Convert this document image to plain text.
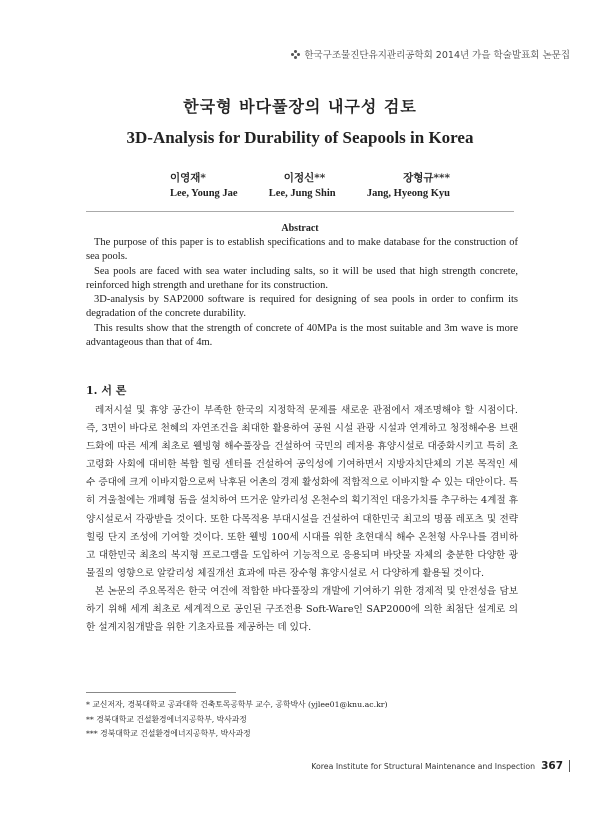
한국구조물진단유지관리공학회 2014년 가을 학술발표회 논문집
한국형 바다풀장의 내구성 검토
3D-Analysis for Durability of Seapools in Korea
이영재*	이정신**	장형규***
Lee, Young Jae	Lee, Jung Shin	Jang, Hyeong Kyu
Abstract

The purpose of this paper is to establish specifications and to make database for the construction of sea pools.

Sea pools are faced with sea water including salts, so it will be used that high strength concrete, reinforced high strength and urethane for its construction.

3D-analysis by SAP2000 software is required for designing of sea pools in order to confirm its degradation of the concrete durability.

This results show that the strength of concrete of 40MPa is the most suitable and 3m wave is more advantageous than that of 4m.

1. 서 론

레저시설 및 휴양 공간이 부족한 한국의 지정학적 문제를 새로운 관점에서 재조명해야 할 시점이다. 즉, 3면이 바다로 천혜의 자연조건을 최대한 활용하여 공원 시설 관광 시설과 연계하고 청정해수용 브랜드화에 따른 세계 최초로 웰빙형 해수풀장을 건설하여 국민의 레저용 휴양시설로 대중화시키고 특히 초고령화 사회에 대비한 복합 힐링 센터를 건설하여 공익성에 기여하면서 지방자치단체의 기본 목적인 세수 증대에 크게 이바지함으로써 낙후된 어촌의 경제 활성화에 적합적으로 이바지할 수 있는 대안이다. 특히 겨울철에는 개폐형 돔을 설치하여 뜨거운 알카리성 온천수의 획기적인 대응가치를 추구하는 4계절 휴양시설로서 각광받을 것이다. 또한 다목적용 부대시설을 건설하여 대한민국 최고의 명품 레포츠 및 전략 힐링 단지 조성에 기여할 것이다. 또한 웰빙 100세 시대를 위한 초현대식 해수 온천형 사우나를 겸비하고 대한민국 최초의 복지형 프로그램을 도입하여 기능적으로 응용되며 바닷물 자체의 충분한 다양한 광물질의 영향으로 알칼리성 체질개선 효과에 따른 장수형 휴양시설로 서 다양하게 활용될 것이다.

본 논문의 주요목적은 한국 여건에 적합한 바다풀장의 개발에 기여하기 위한 경제적 및 안전성을 담보하기 위해 세계 최초로 세계적으로 공인된 구조전용 Soft-Ware인 SAP2000에 의한 최첨단 설계로 의한 설계지침개발을 위한 기초자료를 제공하는 데 있다.

* 교신저자, 경북대학교 공과대학 건축토목공학부 교수, 공학박사 (yjlee01@knu.ac.kr)
** 경북대학교 건설환경에너지공학부, 박사과정
*** 경북대학교 건설환경에너지공학부, 박사과정
Korea Institute for Structural Maintenance and Inspection 367
